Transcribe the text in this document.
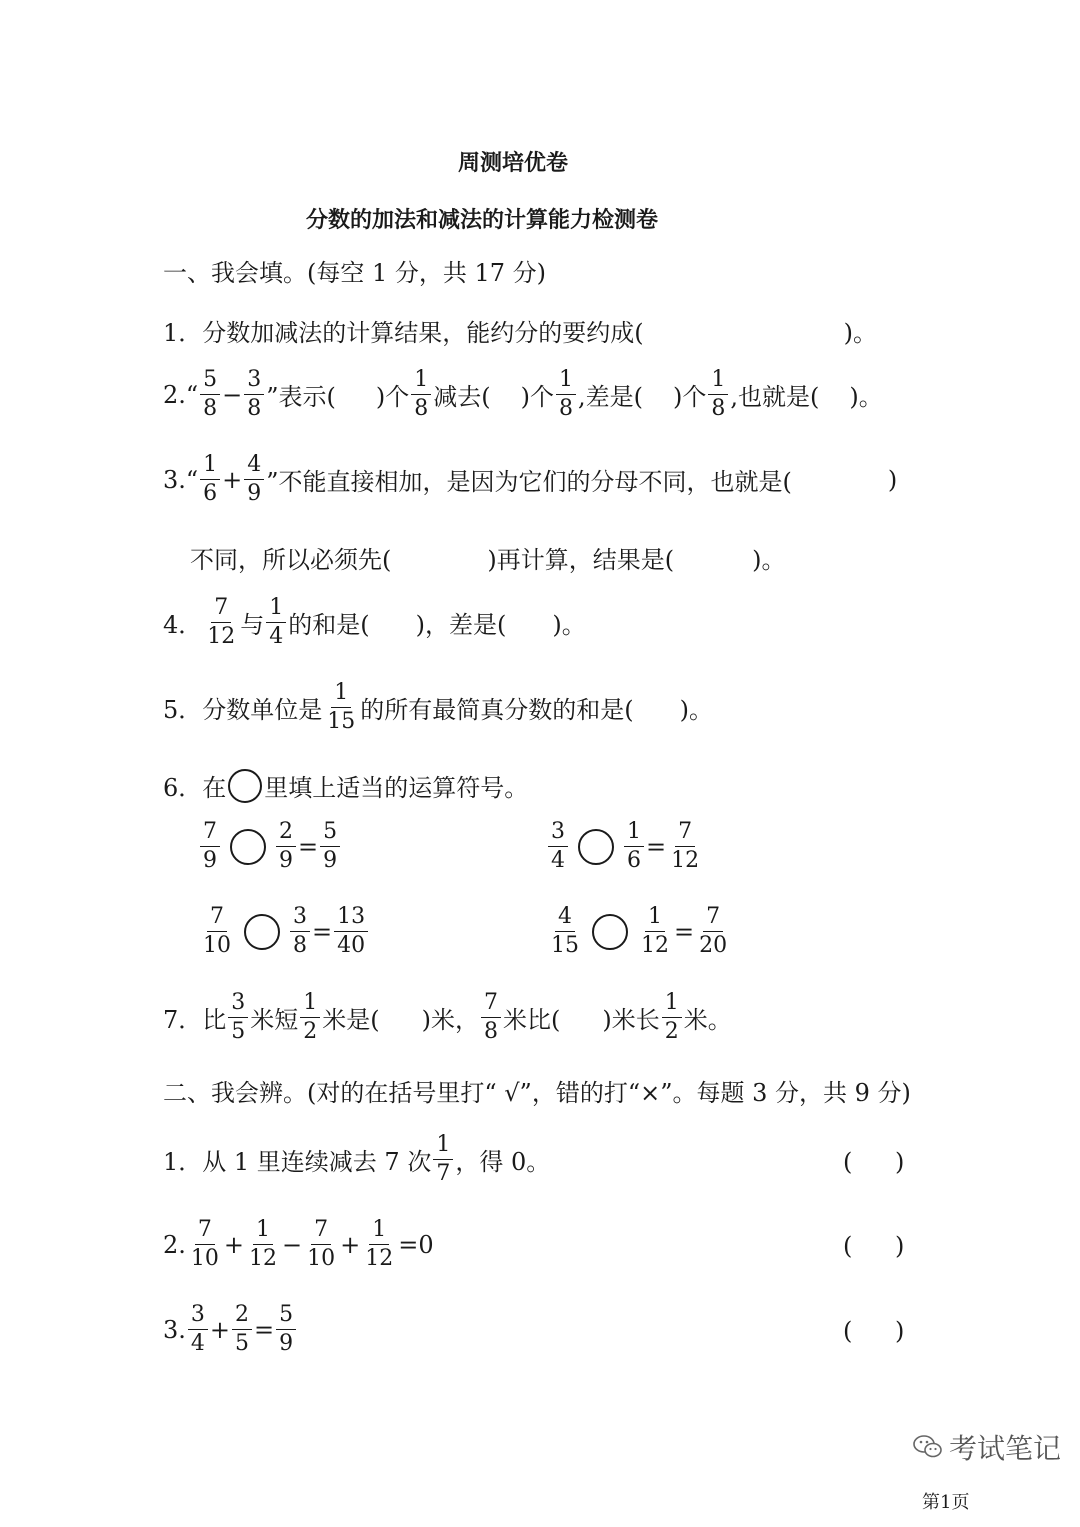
周测培优卷
分数的加法和减法的计算能力检测卷
一、我会填。(每空 1 分，共 17 分)
1． 分数加减法的计算结果，能约分的要约成(	)。
2.“ $\frac{5}{8} - \frac{3}{8}$ ”表示( )个 $\frac{1}{8}$ 减去( )个 $\frac{1}{8}$ ,差是( )个 $\frac{1}{8}$ ,也就是( )。
3.“ $\frac{1}{6} + \frac{4}{9}$ ”不能直接相加，是因为它们的分母不同，也就是(	)
不同，所以必须先(	)再计算，结果是(	)。
4． $\frac{7}{12}$ 与 $\frac{1}{4}$ 的和是( )，差是( )。
5． 分数单位是 $\frac{1}{15}$ 的所有最简真分数的和是( )。
6． 在 里填上适当的运算符号。
$\frac{7}{9}$	$\frac{2}{9} = \frac{5}{9}$	$\frac{3}{4}$	$\frac{1}{6} = \frac{7}{12}$
$\frac{7}{10}$	$\frac{3}{8} = \frac{13}{40}$	$\frac{4}{15}$	$\frac{1}{12} = \frac{7}{20}$
7． 比 $\frac{3}{5}$ 米短 $\frac{1}{2}$ 米是( )米， $\frac{7}{8}$ 米比( )米长 $\frac{1}{2}$ 米。
二、我会辨。(对的在括号里打“ √”，错的打“×”。每题 3 分，共 9 分)
1． 从 1 里连续减去 7 次 $\frac{1}{7}$ ，得 0。	( )
2. $\frac{7}{10} + \frac{1}{12} - \frac{7}{10} + \frac{1}{12} =0$	( )
3. $\frac{3}{4} + \frac{2}{5} = \frac{5}{9}$	( )
考试笔记
第1页
